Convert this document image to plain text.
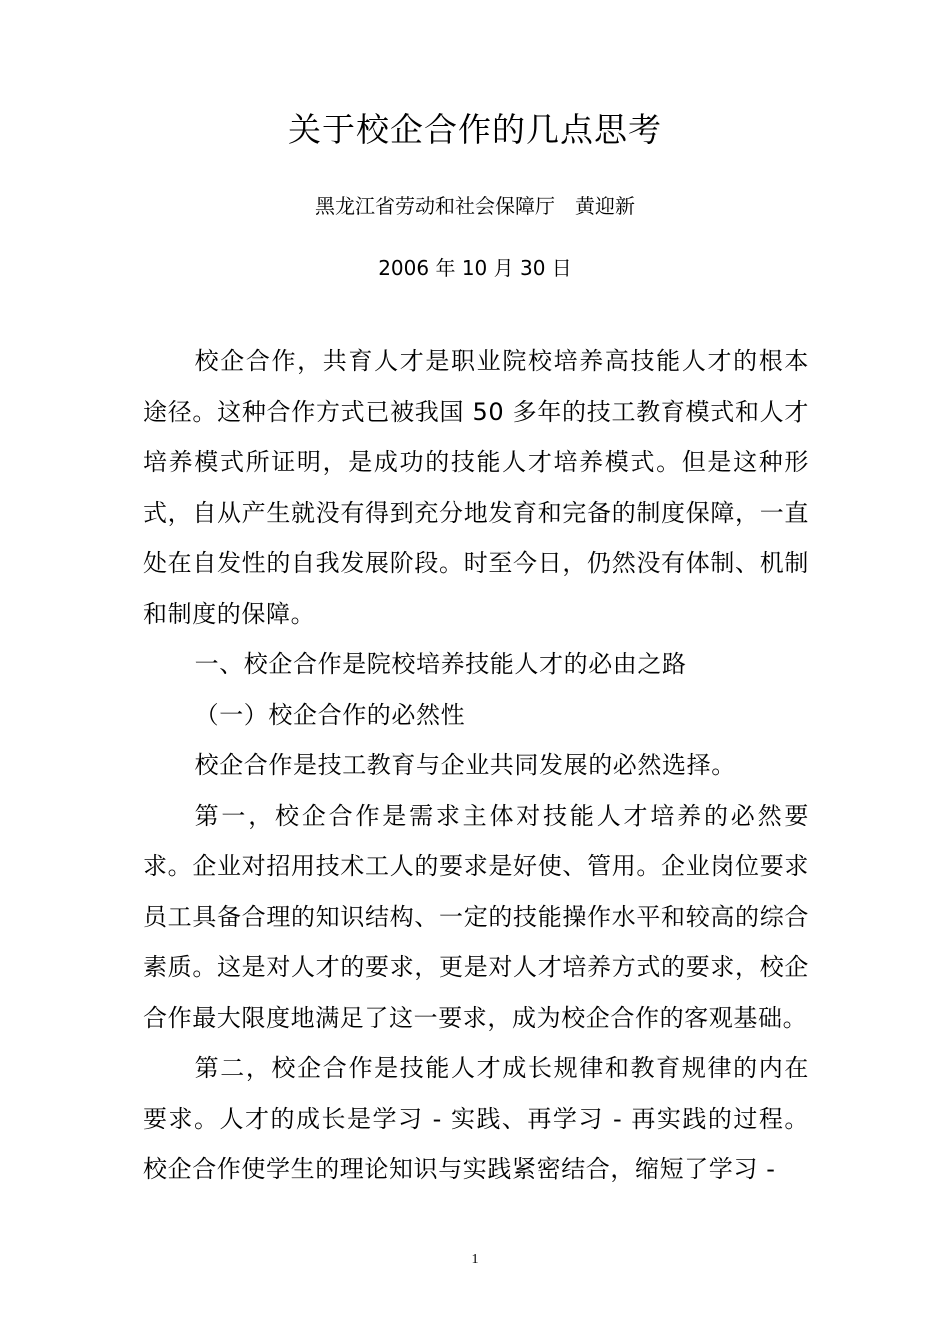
关于校企合作的几点思考
黑龙江省劳动和社会保障厅　黄迎新
2006 年 10 月 30 日

校企合作，共育人才是职业院校培养高技能人才的根本途径。这种合作方式已被我国 50 多年的技工教育模式和人才培养模式所证明，是成功的技能人才培养模式。但是这种形式，自从产生就没有得到充分地发育和完备的制度保障，一直处在自发性的自我发展阶段。时至今日，仍然没有体制、机制和制度的保障。

一、校企合作是院校培养技能人才的必由之路

（一）校企合作的必然性

校企合作是技工教育与企业共同发展的必然选择。

第一，校企合作是需求主体对技能人才培养的必然要求。企业对招用技术工人的要求是好使、管用。企业岗位要求员工具备合理的知识结构、一定的技能操作水平和较高的综合素质。这是对人才的要求，更是对人才培养方式的要求，校企合作最大限度地满足了这一要求，成为校企合作的客观基础。

第二，校企合作是技能人才成长规律和教育规律的内在要求。人才的成长是学习 - 实践、再学习 - 再实践的过程。校企合作使学生的理论知识与实践紧密结合，缩短了学习 -

1
